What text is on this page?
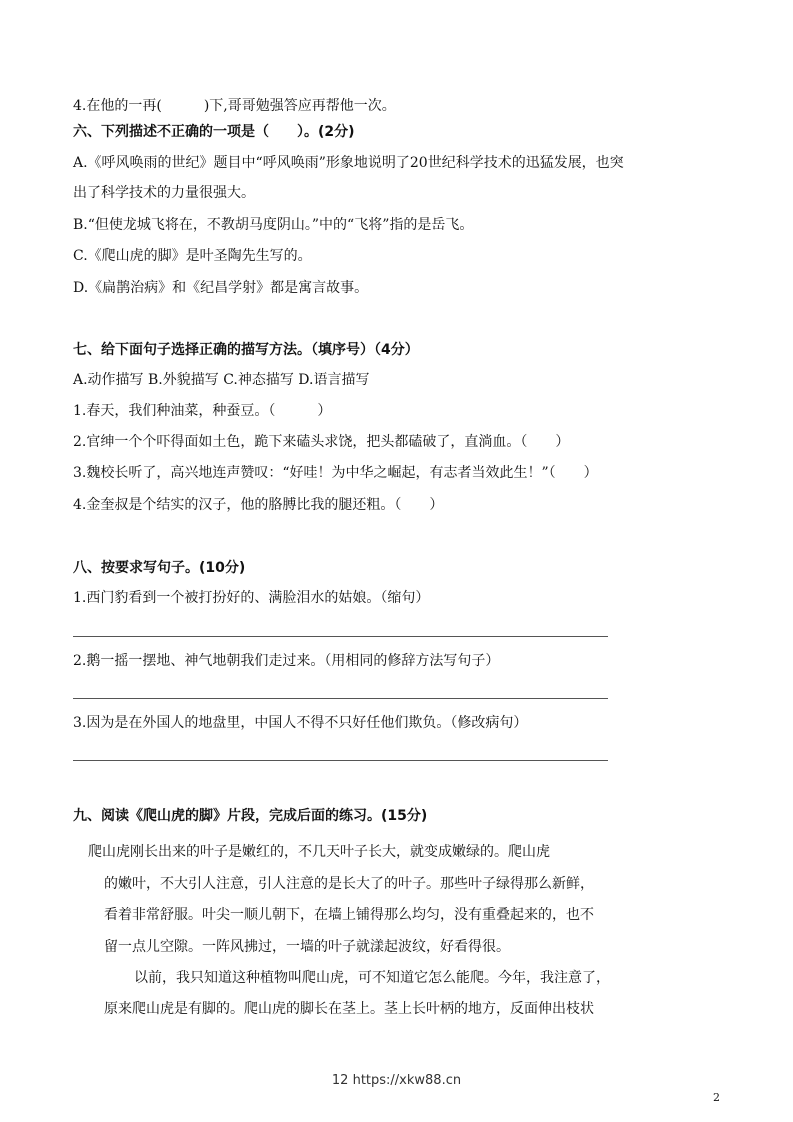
4.在他的一再(　　　)下,哥哥勉强答应再帮他一次。
六、下列描述不正确的一项是（　　）。(2分)
A.《呼风唤雨的世纪》题目中“呼风唤雨”形象地说明了20世纪科学技术的迅猛发展，也突
出了科学技术的力量很强大。
B.“但使龙城飞将在，不教胡马度阴山。”中的“飞将”指的是岳飞。
C.《爬山虎的脚》是叶圣陶先生写的。
D.《扁鹊治病》和《纪昌学射》都是寓言故事。
七、给下面句子选择正确的描写方法。（填序号）（4分）
A.动作描写 B.外貌描写 C.神态描写 D.语言描写
1.春天，我们种油菜，种蚕豆。（　　　）
2.官绅一个个吓得面如土色，跪下来磕头求饶，把头都磕破了，直淌血。（　　）
3.魏校长听了，高兴地连声赞叹：“好哇！为中华之崛起，有志者当效此生！”（　　）
4.金奎叔是个结实的汉子，他的胳膊比我的腿还粗。（　　）
八、按要求写句子。(10分)
1.西门豹看到一个被打扮好的、满脸泪水的姑娘。（缩句）
2.鹅一摇一摆地、神气地朝我们走过来。（用相同的修辞方法写句子）
3.因为是在外国人的地盘里，中国人不得不只好任他们欺负。（修改病句）
九、阅读《爬山虎的脚》片段，完成后面的练习。(15分)
爬山虎刚长出来的叶子是嫩红的，不几天叶子长大，就变成嫩绿的。爬山虎
的嫩叶，不大引人注意，引人注意的是长大了的叶子。那些叶子绿得那么新鲜，
看着非常舒服。叶尖一顺儿朝下，在墙上铺得那么均匀，没有重叠起来的，也不
留一点儿空隙。一阵风拂过，一墙的叶子就漾起波纹，好看得很。
以前，我只知道这种植物叫爬山虎，可不知道它怎么能爬。今年，我注意了，
原来爬山虎是有脚的。爬山虎的脚长在茎上。茎上长叶柄的地方，反面伸出枝状
12 https://xkw88.cn
2
